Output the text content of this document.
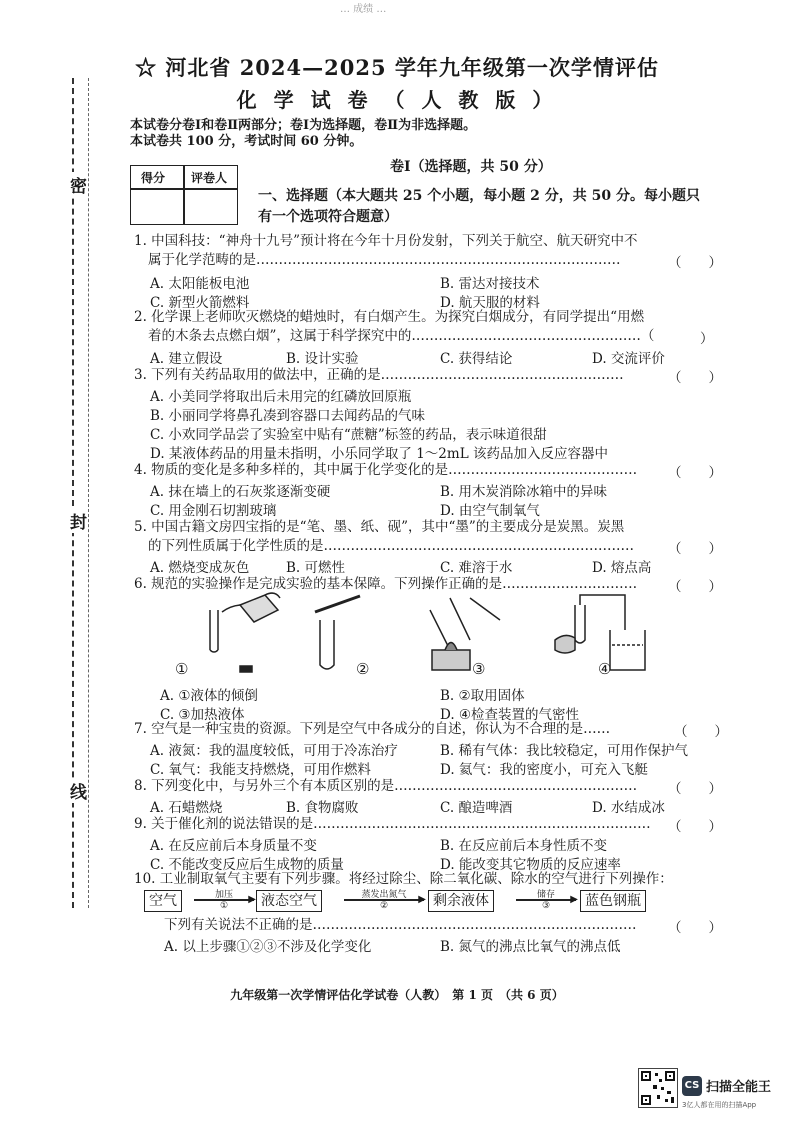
… 成绩 …
密
封
线
☆ 河北省 2024—2025 学年九年级第一次学情评估
化 学 试 卷 （ 人 教 版 ）
本试卷分卷Ⅰ和卷Ⅱ两部分；卷Ⅰ为选择题，卷Ⅱ为非选择题。
本试卷共 100 分，考试时间 60 分钟。
卷Ⅰ（选择题，共 50 分）
得分 评卷人
一、选择题（本大题共 25 个小题，每小题 2 分，共 50 分。每小题只有一个选项符合题意）
1. 中国科技：“神舟十九号”预计将在今年十月份发射，下列关于航空、航天研究中不
属于化学范畴的是………………………………………………………………………	（　　）
A. 太阳能板电池	B. 雷达对接技术
C. 新型火箭燃料	D. 航天服的材料
2. 化学课上老师吹灭燃烧的蜡烛时，有白烟产生。为探究白烟成分，有同学提出“用燃
着的木条去点燃白烟”，这属于科学探究中的……………………………………………（	）
A. 建立假设	B. 设计实验	C. 获得结论	D. 交流评价
3. 下列有关药品取用的做法中，正确的是………………………………………………	（　　）
A. 小美同学将取出后未用完的红磷放回原瓶
B. 小丽同学将鼻孔凑到容器口去闻药品的气味
C. 小欢同学品尝了实验室中贴有“蔗糖”标签的药品，表示味道很甜
D. 某液体药品的用量未指明，小乐同学取了 1～2mL 该药品加入反应容器中
4. 物质的变化是多种多样的，其中属于化学变化的是…………………………………… （　　）
A. 抹在墙上的石灰浆逐渐变硬	B. 用木炭消除冰箱中的异味
C. 用金刚石切割玻璃	D. 由空气制氧气
5. 中国古籍文房四宝指的是“笔、墨、纸、砚”，其中“墨”的主要成分是炭黑。炭黑
的下列性质属于化学性质的是……………………………………………………………	（　　）
A. 燃烧变成灰色	B. 可燃性	C. 难溶于水	D. 熔点高
6. 规范的实验操作是完成实验的基本保障。下列操作正确的是………………………… （　　）
①	②	③	④
A. ①液体的倾倒	B. ②取用固体
C. ③加热液体	D. ④检查装置的气密性
7. 空气是一种宝贵的资源。下列是空气中各成分的自述，你认为不合理的是……	（　　）
A. 液氮：我的温度较低，可用于冷冻治疗	B. 稀有气体：我比较稳定，可用作保护气
C. 氧气：我能支持燃烧，可用作燃料	D. 氦气：我的密度小，可充入飞艇
8. 下列变化中，与另外三个有本质区别的是……………………………………………… （　　）
A. 石蜡燃烧	B. 食物腐败	C. 酿造啤酒	D. 水结成冰
9. 关于催化剂的说法错误的是………………………………………………………………… （　　）
A. 在反应前后本身质量不变	B. 在反应前后本身性质不变
C. 不能改变反应后生成物的质量	D. 能改变其它物质的反应速率
10. 工业制取氧气主要有下列步骤。将经过除尘、除二氧化碳、除水的空气进行下列操作：
空气	▶
加压
①	液态空气	▶
蒸发出氮气
②	剩余液体	▶
储存
③	蓝色钢瓶
下列有关说法不正确的是……………………………………………………………… （　　）
A. 以上步骤①②③不涉及化学变化	B. 氮气的沸点比氧气的沸点低
九年级第一次学情评估化学试卷（人教）　第 1 页　（共 6 页）
CS 扫描全能王
3亿人都在用的扫描App
